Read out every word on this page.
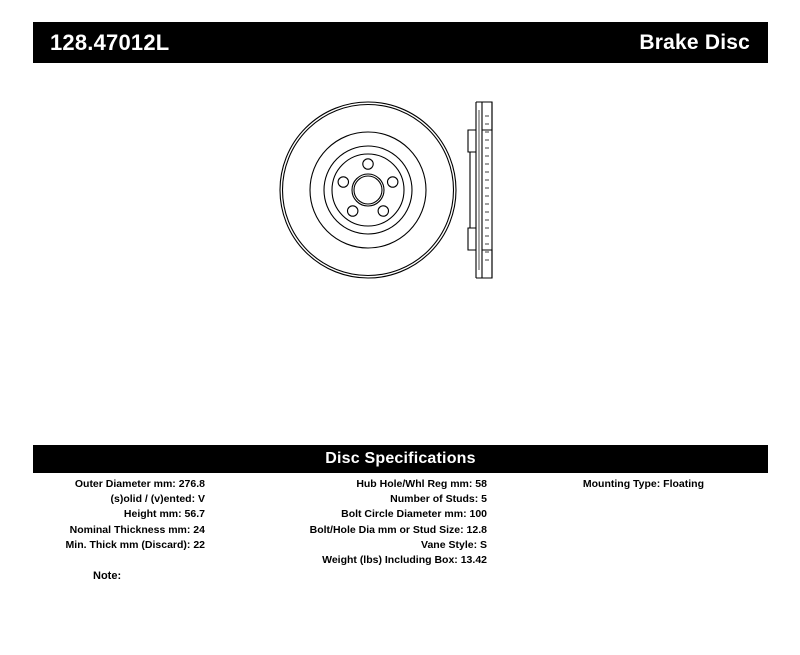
128.47012L	Brake Disc
Disc Specifications
Outer Diameter mm: 276.8
(s)olid / (v)ented: V
Height mm: 56.7
Nominal Thickness mm: 24
Min. Thick mm (Discard): 22
Hub Hole/Whl Reg mm: 58
Number of Studs: 5
Bolt Circle Diameter mm: 100
Bolt/Hole Dia mm or Stud Size: 12.8
Vane Style: S
Weight (lbs) Including Box: 13.42
Mounting Type: Floating
Note:
